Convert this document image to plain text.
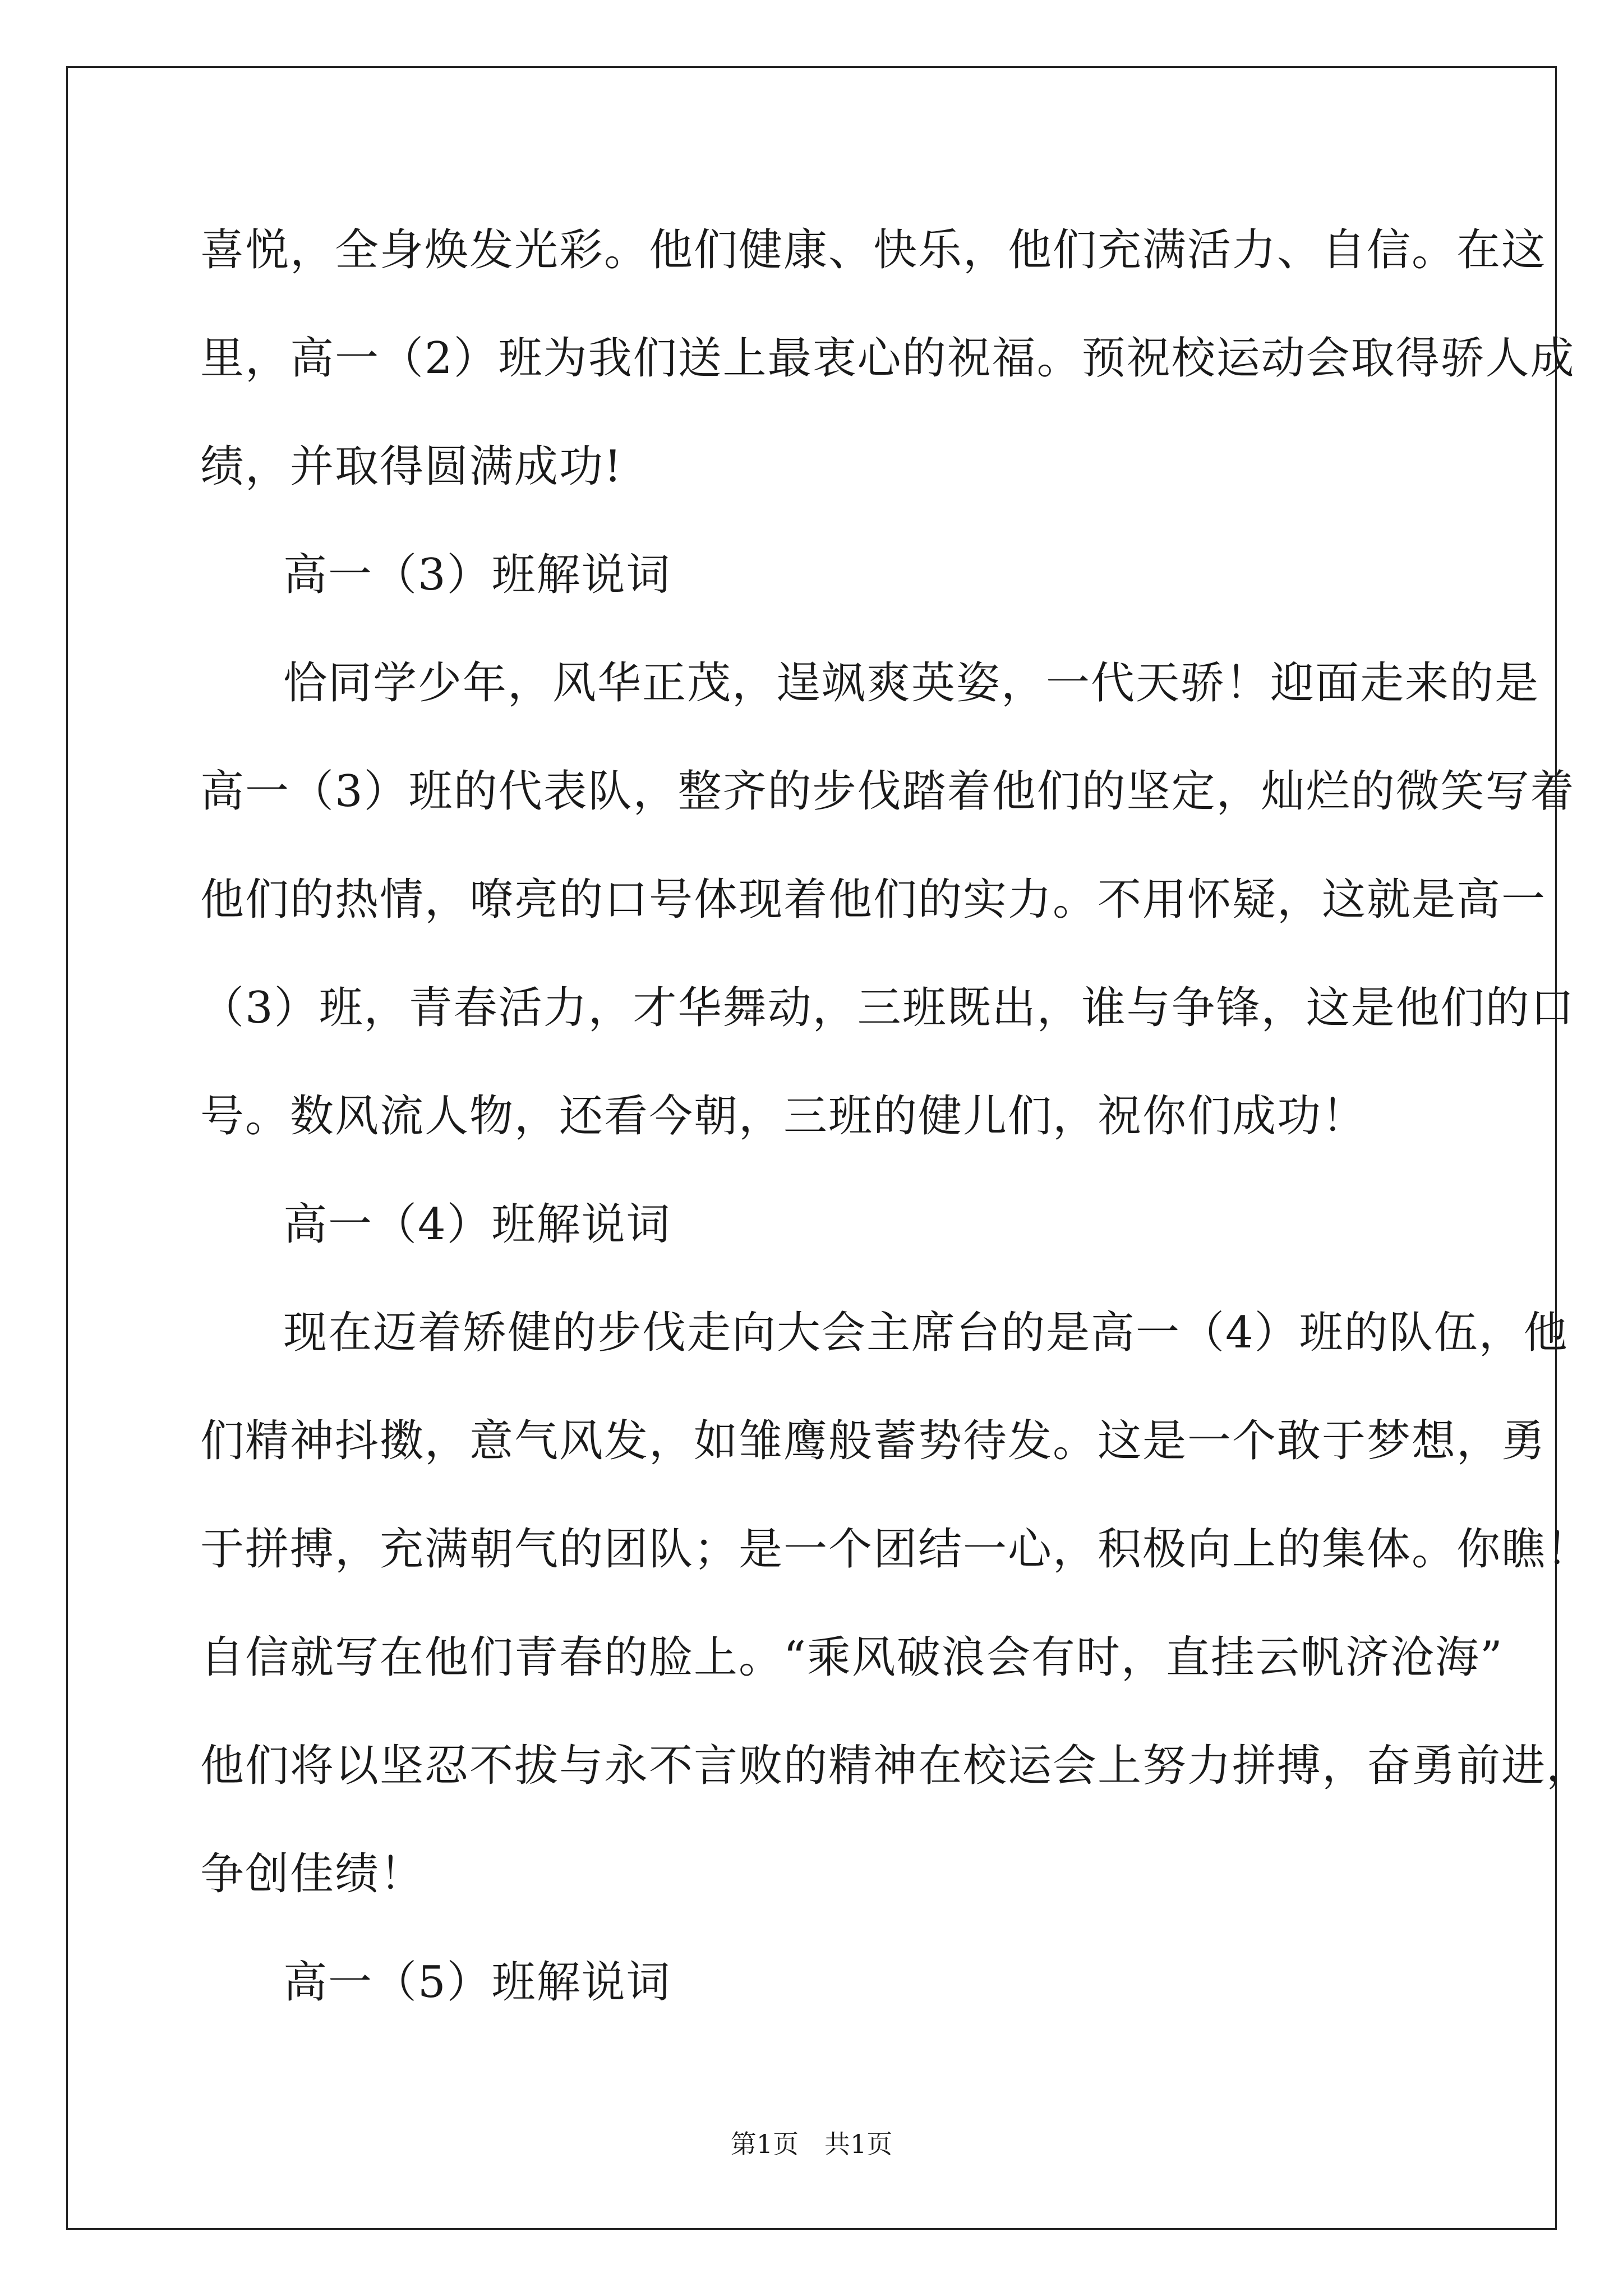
喜悦，全身焕发光彩。他们健康、快乐，他们充满活力、自信。在这
里，高一（2）班为我们送上最衷心的祝福。预祝校运动会取得骄人成
绩，并取得圆满成功!
高一（3）班解说词
恰同学少年，风华正茂，逞飒爽英姿，一代天骄！迎面走来的是
高一（3）班的代表队，整齐的步伐踏着他们的坚定，灿烂的微笑写着
他们的热情，嘹亮的口号体现着他们的实力。不用怀疑，这就是高一
（3）班，青春活力，才华舞动，三班既出，谁与争锋，这是他们的口
号。数风流人物，还看今朝，三班的健儿们，祝你们成功！
高一（4）班解说词
现在迈着矫健的步伐走向大会主席台的是高一（4）班的队伍，他
们精神抖擞，意气风发，如雏鹰般蓄势待发。这是一个敢于梦想，勇
于拼搏，充满朝气的团队；是一个团结一心，积极向上的集体。你瞧！
自信就写在他们青春的脸上。“乘风破浪会有时，直挂云帆济沧海”
他们将以坚忍不拔与永不言败的精神在校运会上努力拼搏，奋勇前进，
争创佳绩！
高一（5）班解说词
第1页　共1页
